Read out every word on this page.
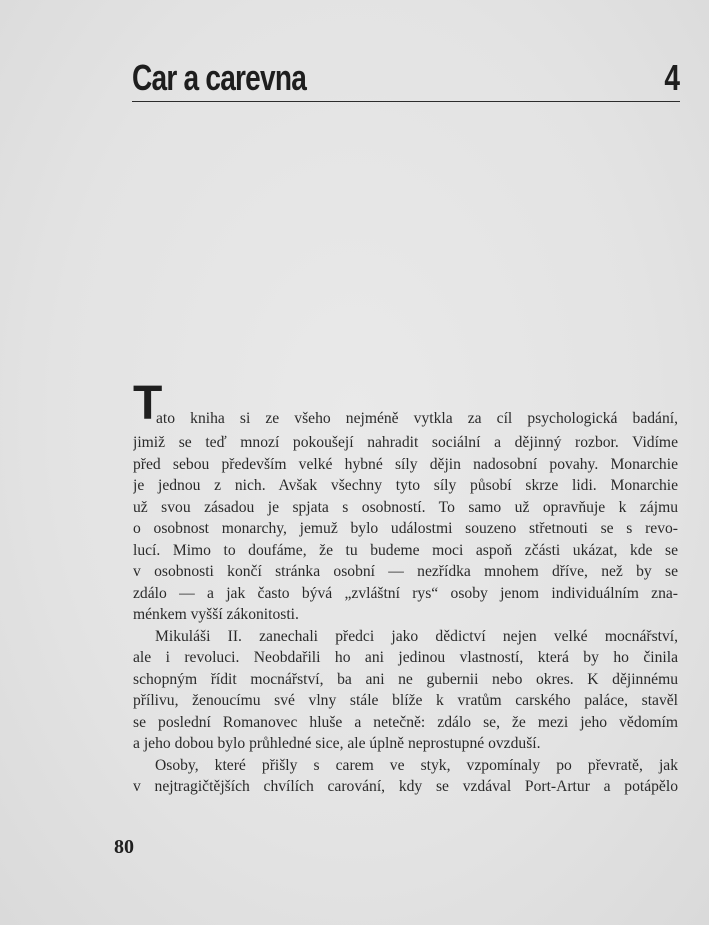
Car a carevna	4
T
ato kniha si ze všeho nejméně vytkla za cíl psychologická badání,
jimiž se teď mnozí pokoušejí nahradit sociální a dějinný rozbor. Vidíme
před sebou především velké hybné síly dějin nadosobní povahy. Monarchie
je jednou z nich. Avšak všechny tyto síly působí skrze lidi. Monarchie
už svou zásadou je spjata s osobností. To samo už opravňuje k zájmu
o osobnost monarchy, jemuž bylo událostmi souzeno střetnouti se s revo-
lucí. Mimo to doufáme, že tu budeme moci aspoň zčásti ukázat, kde se
v osobnosti končí stránka osobní — nezřídka mnohem dříve, než by se
zdálo — a jak často bývá „zvláštní rys“ osoby jenom individuálním zna-
ménkem vyšší zákonitosti.
Mikuláši II. zanechali předci jako dědictví nejen velké mocnářství,
ale i revoluci. Neobdařili ho ani jedinou vlastností, která by ho činila
schopným řídit mocnářství, ba ani ne gubernii nebo okres. K dějinnému
přílivu, ženoucímu své vlny stále blíže k vratům carského paláce, stavěl
se poslední Romanovec hluše a netečně: zdálo se, že mezi jeho vědomím
a jeho dobou bylo průhledné sice, ale úplně neprostupné ovzduší.
Osoby, které přišly s carem ve styk, vzpomínaly po převratě, jak
v nejtragičtějších chvílích carování, kdy se vzdával Port-Artur a potápělo
80
